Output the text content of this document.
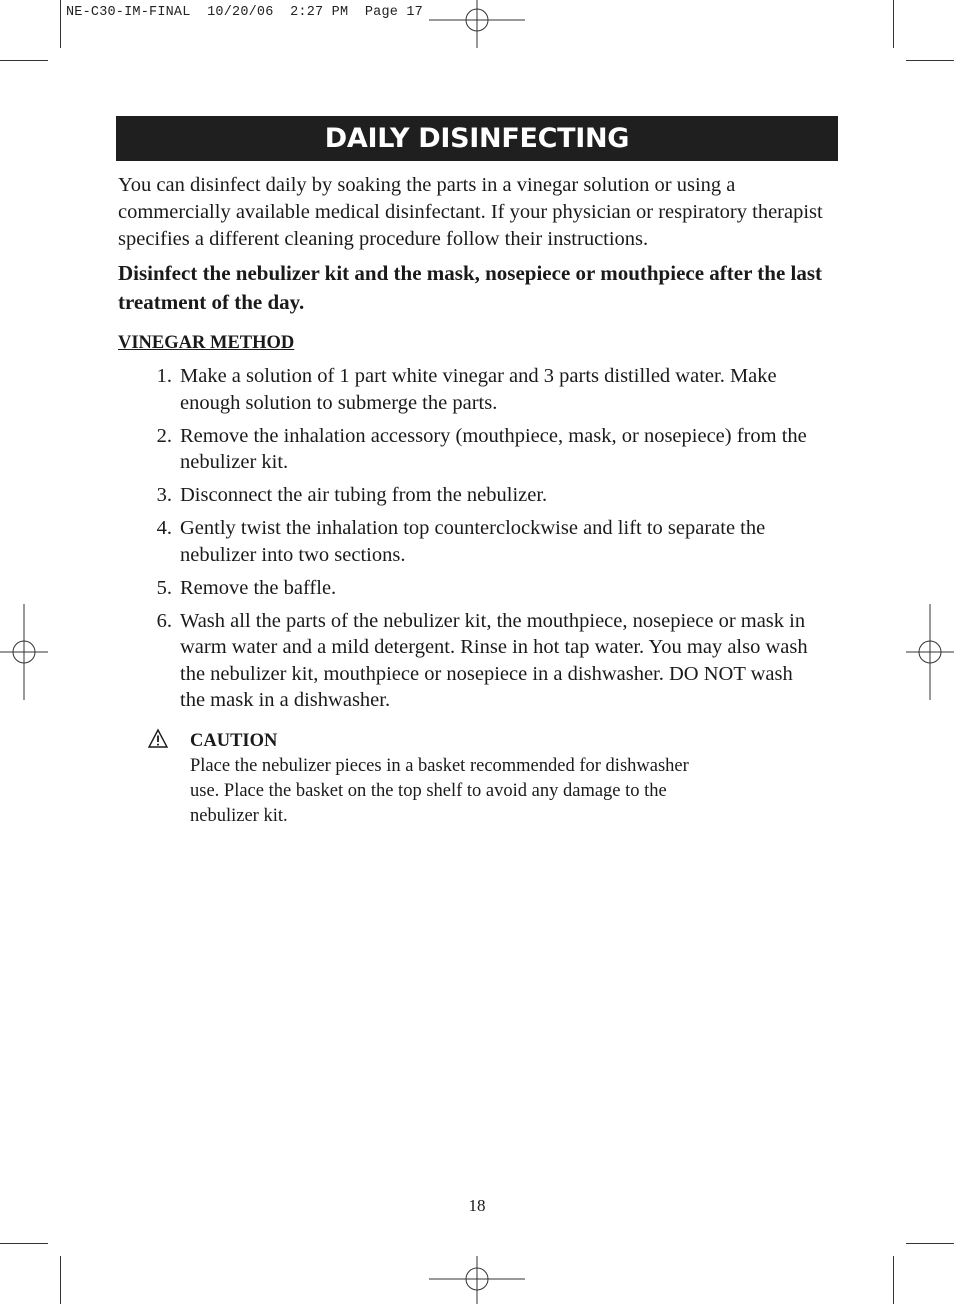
NE-C30-IM-FINAL  10/20/06  2:27 PM  Page 17
DAILY DISINFECTING

You can disinfect daily by soaking the parts in a vinegar solution or using a commercially available medical disinfectant. If your physician or respiratory therapist specifies a different cleaning procedure follow their instructions.

Disinfect the nebulizer kit and the mask, nosepiece or mouthpiece after the last treatment of the day.

VINEGAR METHOD
1. Make a solution of 1 part white vinegar and 3 parts distilled water. Make enough solution to submerge the parts.
2. Remove the inhalation accessory (mouthpiece, mask, or nosepiece) from the nebulizer kit.
3. Disconnect the air tubing from the nebulizer.
4. Gently twist the inhalation top counterclockwise and lift to separate the nebulizer into two sections.
5. Remove the baffle.
6. Wash all the parts of the nebulizer kit, the mouthpiece, nosepiece or mask in warm water and a mild detergent. Rinse in hot tap water. You may also wash the nebulizer kit, mouthpiece or nosepiece in a dishwasher. DO NOT wash the mask in a dishwasher.
CAUTION
Place the nebulizer pieces in a basket recommended for dishwasher use. Place the basket on the top shelf to avoid any damage to the nebulizer kit.
18
